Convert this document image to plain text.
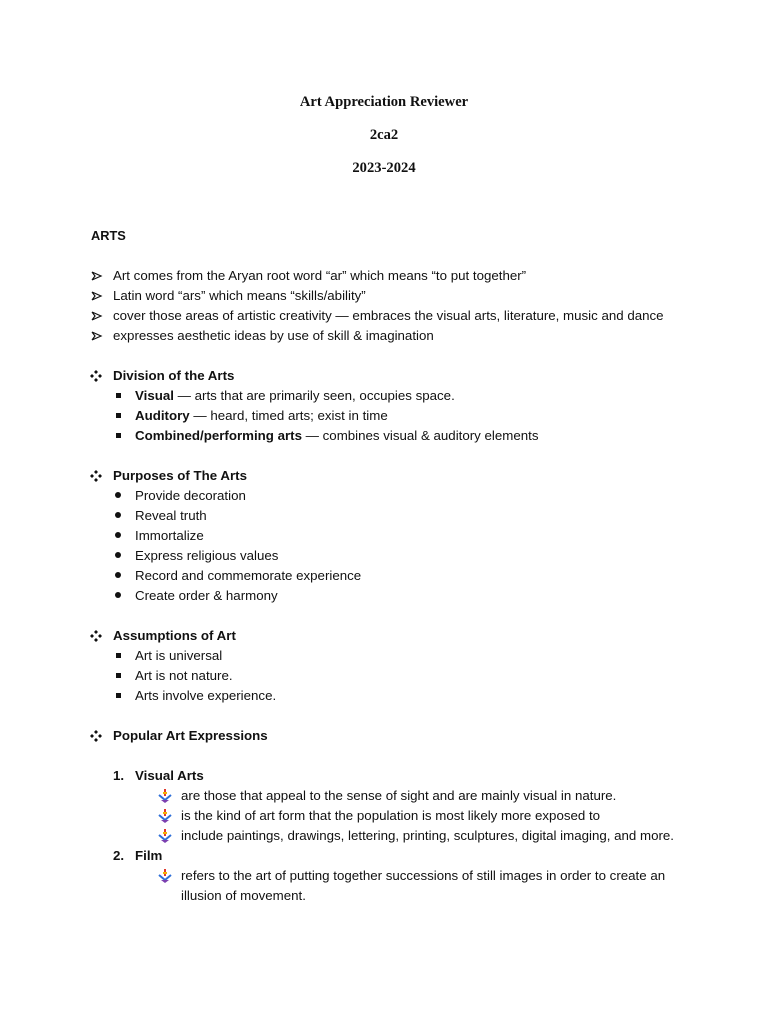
Art Appreciation Reviewer
2ca2
2023-2024
ARTS
Art comes from the Aryan root word “ar” which means “to put together”
Latin word “ars” which means “skills/ability”
cover those areas of artistic creativity — embraces the visual arts, literature, music and dance
expresses aesthetic ideas by use of skill & imagination
Division of the Arts
Visual — arts that are primarily seen, occupies space.
Auditory — heard, timed arts; exist in time
Combined/performing arts — combines visual & auditory elements
Purposes of The Arts
Provide decoration
Reveal truth
Immortalize
Express religious values
Record and commemorate experience
Create order & harmony
Assumptions of Art
Art is universal
Art is not nature.
Arts involve experience.
Popular Art Expressions
1. Visual Arts
are those that appeal to the sense of sight and are mainly visual in nature.
is the kind of art form that the population is most likely more exposed to
include paintings, drawings, lettering, printing, sculptures, digital imaging, and more.
2. Film
refers to the art of putting together successions of still images in order to create an
illusion of movement.
